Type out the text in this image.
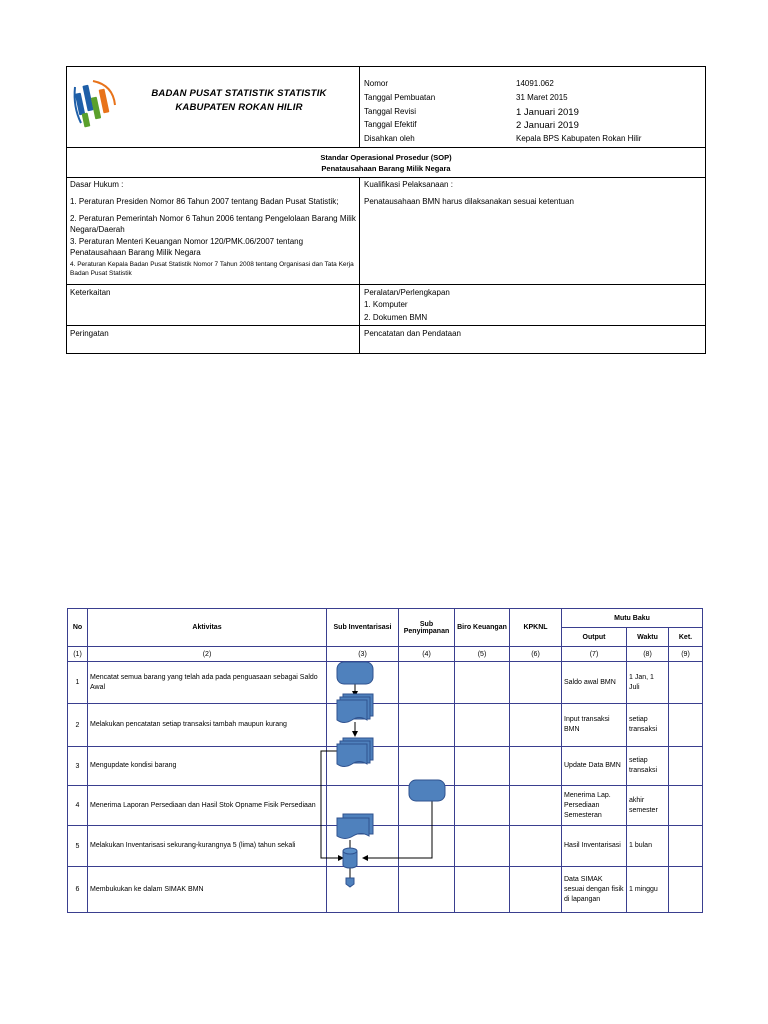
BADAN PUSAT STATISTIK STATISTIK
KABUPATEN ROKAN HILIR
Nomor	14091.062
Tanggal Pembuatan	31 Maret 2015
Tanggal Revisi	1 Januari 2019
Tanggal Efektif	2 Januari 2019
Disahkan oleh	Kepala BPS Kabupaten Rokan Hilir
Standar Operasional Prosedur (SOP)
Penatausahaan Barang Milik Negara
Dasar Hukum :
1. Peraturan Presiden Nomor 86 Tahun 2007 tentang Badan Pusat Statistik;
2. Peraturan Pemerintah Nomor 6 Tahun 2006 tentang Pengelolaan Barang Milik Negara/Daerah
3. Peraturan Menteri Keuangan Nomor 120/PMK.06/2007 tentang Penatausahaan Barang Milik Negara
4. Peraturan Kepala Badan Pusat Statistik Nomor 7 Tahun 2008 tentang Organisasi dan Tata Kerja Badan Pusat Statistik
Kualifikasi Pelaksanaan :
Penatausahaan BMN harus dilaksanakan sesuai ketentuan
Keterkaitan	Peralatan/Perlengkapan
1. Komputer
2. Dokumen BMN
Peringatan	Pencatatan dan Pendataan
No	Aktivitas	Sub Inventarisasi	Sub Penyimpanan	Biro Keuangan	KPKNL	Mutu Baku		
						Output	Waktu	Ket.
(1)	(2)	(3)	(4)	(5)	(6)	(7)	(8)	(9)
1	Mencatat semua barang yang telah ada pada penguasaan sebagai Saldo Awal					Saldo awal BMN	1 Jan, 1 Juli	
2	Melakukan pencatatan setiap transaksi tambah maupun kurang					Input transaksi BMN	setiap transaksi	
3	Mengupdate kondisi barang					Update Data BMN	setiap transaksi	
4	Menerima Laporan Persediaan dan Hasil Stok Opname Fisik Persediaan					Menerima Lap. Persediaan Semesteran	akhir semester	
5	Melakukan Inventarisasi sekurang-kurangnya 5 (lima) tahun sekali					Hasil Inventarisasi	1 bulan	
6	Membukukan ke dalam SIMAK BMN					Data SIMAK sesuai dengan fisik di lapangan	1 minggu	
